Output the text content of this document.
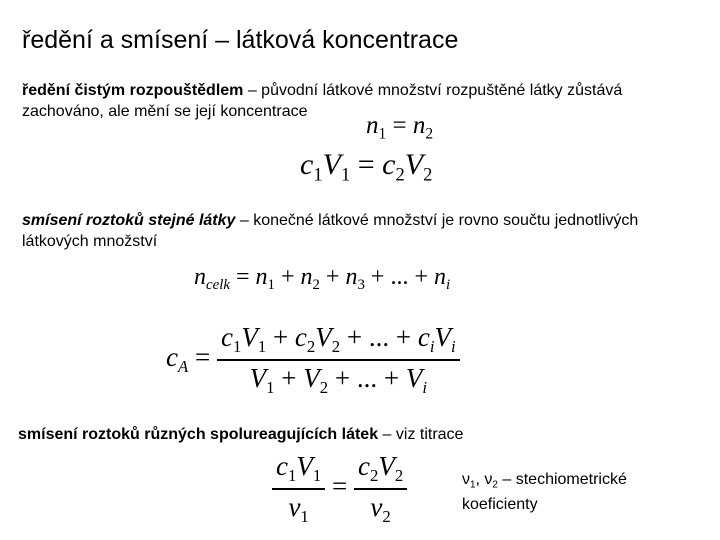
ředění a smísení – látková koncentrace
ředění čistým rozpouštědlem – původní látkové množství rozpuštěné látky zůstává zachováno, ale mění se její koncentrace
$n_1 = n_2$
$c_1V_1 = c_2V_2$
smísení roztoků stejné látky – konečné látkové množství je rovno součtu jednotlivých látkových množství
$n_{celk} = n_1 + n_2 + n_3$ + ... + $n_i$
$c_A = \frac{c_1V_1 + c_2V_2 + ... + c_iV_i}{V_1 + V_2 + ... + V_i}$
smísení roztoků různých spolureagujících látek – viz titrace
$\frac{c_1V_1}{\nu_1} = \frac{c_2V_2}{\nu_2}$	$\nu_1$, $\nu_2$ – stechiometrické koeficienty
